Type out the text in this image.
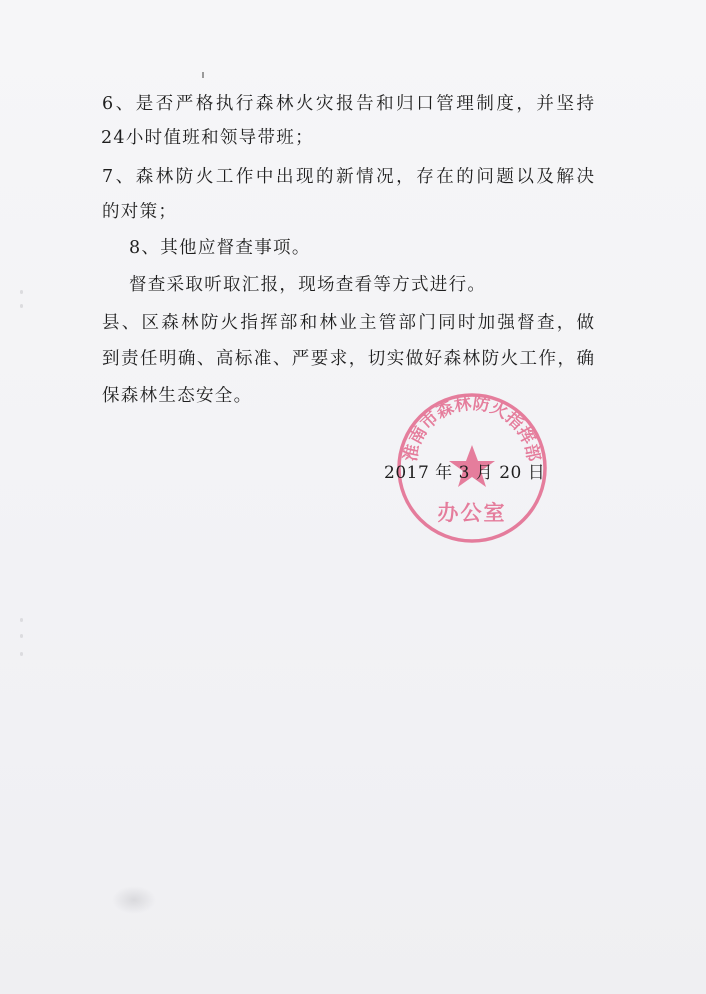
6、是否严格执行森林火灾报告和归口管理制度，并坚持
24小时值班和领导带班；
7、森林防火工作中出现的新情况，存在的问题以及解决
的对策；
8、其他应督查事项。
督查采取听取汇报，现场查看等方式进行。
县、区森林防火指挥部和林业主管部门同时加强督查，做
到责任明确、高标准、严要求，切实做好森林防火工作，确
保森林生态安全。
淮南市森林防火指挥部
办公室
2017 年 3 月 20 日
